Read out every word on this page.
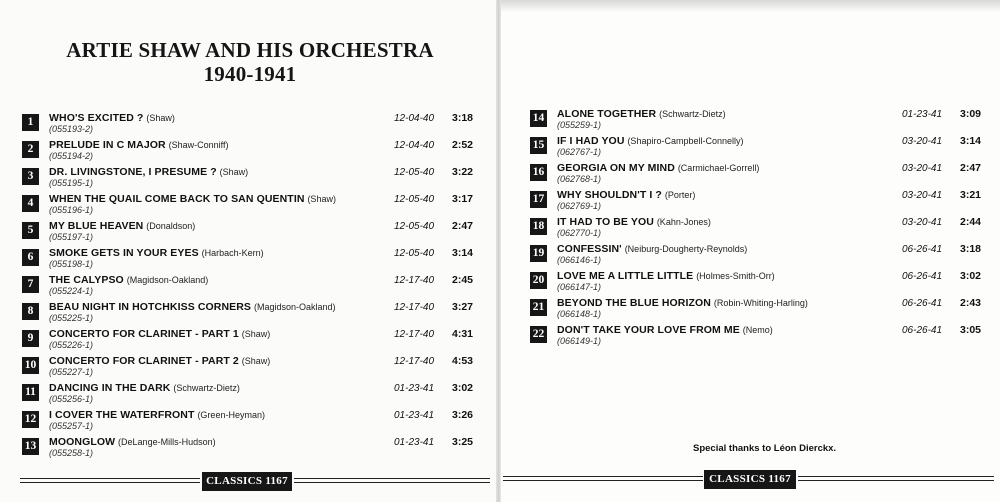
ARTIE SHAW AND HIS ORCHESTRA
1940-1941
1	WHO'S EXCITED ? (Shaw)
(055193-2)
12-04-40 3:18
2	PRELUDE IN C MAJOR (Shaw-Conniff)
(055194-2)
12-04-40 2:52
3	DR. LIVINGSTONE, I PRESUME ? (Shaw)
(055195-1)
12-05-40 3:22
4	WHEN THE QUAIL COME BACK TO SAN QUENTIN (Shaw)
(055196-1)
12-05-40 3:17
5	MY BLUE HEAVEN (Donaldson)
(055197-1)
12-05-40 2:47
6	SMOKE GETS IN YOUR EYES (Harbach-Kern)
(055198-1)
12-05-40 3:14
7	THE CALYPSO (Magidson-Oakland)
(055224-1)
12-17-40 2:45
8	BEAU NIGHT IN HOTCHKISS CORNERS (Magidson-Oakland)
(055225-1)
12-17-40 3:27
9	CONCERTO FOR CLARINET - PART 1 (Shaw)
(055226-1)
12-17-40 4:31
10 CONCERTO FOR CLARINET - PART 2 (Shaw)
(055227-1)
12-17-40 4:53
11 DANCING IN THE DARK (Schwartz-Dietz)
(055256-1)
01-23-41 3:02
12 I COVER THE WATERFRONT (Green-Heyman)
(055257-1)
01-23-41 3:26
13 MOONGLOW (DeLange-Mills-Hudson)
(055258-1)
01-23-41 3:25
14 ALONE TOGETHER (Schwartz-Dietz)
(055259-1)
01-23-41 3:09
15 IF I HAD YOU (Shapiro-Campbell-Connelly)
(062767-1)
03-20-41 3:14
16 GEORGIA ON MY MIND (Carmichael-Gorrell)
(062768-1)
03-20-41 2:47
17 WHY SHOULDN'T I ? (Porter)
(062769-1)
03-20-41 3:21
18 IT HAD TO BE YOU (Kahn-Jones)
(062770-1)
03-20-41 2:44
19 CONFESSIN' (Neiburg-Dougherty-Reynolds)
(066146-1)
06-26-41 3:18
20 LOVE ME A LITTLE LITTLE (Holmes-Smith-Orr)
(066147-1)
06-26-41 3:02
21 BEYOND THE BLUE HORIZON (Robin-Whiting-Harling)
(066148-1)
06-26-41 2:43
22 DON'T TAKE YOUR LOVE FROM ME (Nemo)
(066149-1)
06-26-41 3:05
Special thanks to Léon Dierckx.
CLASSICS 1167	CLASSICS 1167
